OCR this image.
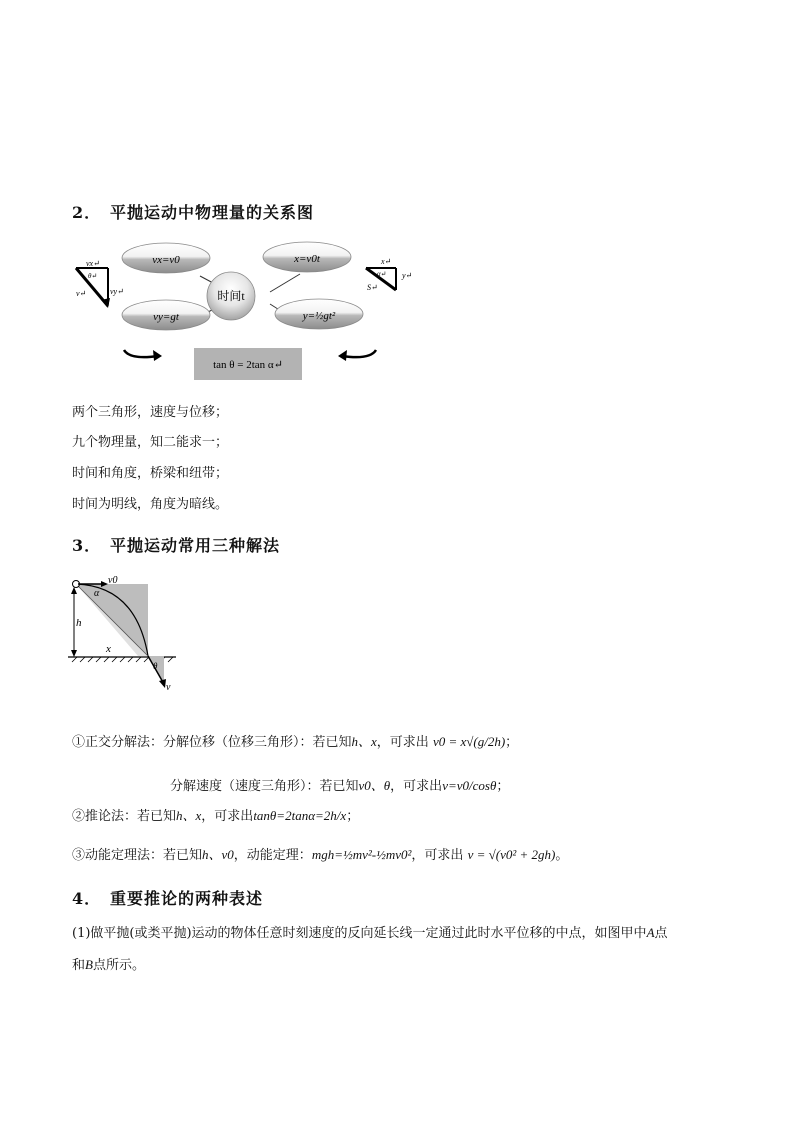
2． 平抛运动中物理量的关系图
vx=v0	x=v0t
时间t
vy=gt	y=½gt²
vx↵
θ↵
v↵	vy↵
x↵
α↵
S↵
y↵
tan θ = 2tan α↵
两个三角形，速度与位移；
九个物理量，知二能求一；
时间和角度，桥梁和纽带；
时间为明线，角度为暗线。
3． 平抛运动常用三种解法
v0
α
h
x
θ
v
①正交分解法：分解位移（位移三角形）：若已知h、x，可求出 v0 = x√(g/2h)；
分解速度（速度三角形）：若已知v0、θ，可求出v=v0/cosθ；
②推论法：若已知h、x，可求出tanθ=2tanα=2h/x；
③动能定理法：若已知h、v0，动能定理：mgh=½mv²-½mv0²，可求出 v = √(v0² + 2gh)。
4． 重要推论的两种表述
(1)做平抛(或类平抛)运动的物体任意时刻速度的反向延长线一定通过此时水平位移的中点，如图甲中A点
和B点所示。
